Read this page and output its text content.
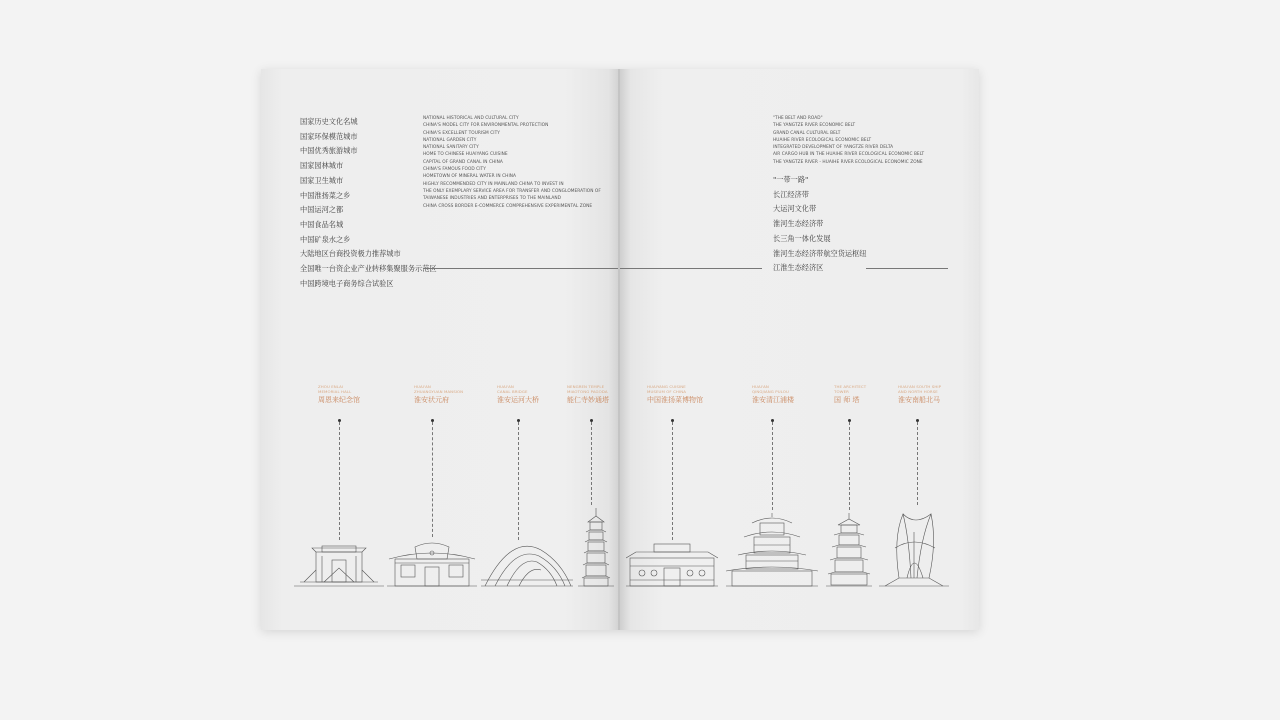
国家历史文化名城
国家环保模范城市
中国优秀旅游城市
国家园林城市
国家卫生城市
中国淮扬菜之乡
中国运河之都
中国食品名城
中国矿泉水之乡
大陆地区台商投资极力推荐城市
全国唯一台资企业产业转移集聚服务示范区
中国跨境电子商务综合试验区
NATIONAL HISTORICAL AND CULTURAL CITY
CHINA'S MODEL CITY FOR ENVIRONMENTAL PROTECTION
CHINA'S EXCELLENT TOURISM CITY
NATIONAL GARDEN CITY
NATIONAL SANITARY CITY
HOME TO CHINESE HUAIYANG CUISINE
CAPITAL OF GRAND CANAL IN CHINA
CHINA'S FAMOUS FOOD CITY
HOMETOWN OF MINERAL WATER IN CHINA
HIGHLY RECOMMENDED CITY IN MAINLAND CHINA TO INVEST IN
THE ONLY EXEMPLARY SERVICE AREA FOR TRANSFER AND CONGLOMERATION OF
TAIWANESE INDUSTRIES AND ENTERPRISES TO THE MAINLAND
CHINA CROSS BORDER E-COMMERCE COMPREHENSIVE EXPERIMENTAL ZONE
"THE BELT AND ROAD"
THE YANGTZE RIVER ECONOMIC BELT
GRAND CANAL CULTURAL BELT
HUAIHE RIVER ECOLOGICAL ECONOMIC BELT
INTEGRATED DEVELOPMENT OF YANGTZE RIVER DELTA
AIR CARGO HUB IN THE HUAIHE RIVER ECOLOGICAL ECONOMIC BELT
THE YANGTZE RIVER - HUAIHE RIVER ECOLOGICAL ECONOMIC ZONE
"一带一路"
长江经济带
大运河文化带
淮河生态经济带
长三角一体化发展
淮河生态经济带航空货运枢纽
江淮生态经济区
ZHOU ENLAI
MEMORIAL HALL
周恩来纪念馆
HUAI'AN
ZHUANGYUAN MANSION
淮安状元府
HUAI'AN
CANAL BRIDGE
淮安运河大桥
NENGREN TEMPLE
MIAOTONG PAGODA
能仁寺妙通塔
HUAIYANG CUISINE
MUSEUM OF CHINA
中国淮扬菜博物馆
HUAI'AN
QINGJIANG PULOU
淮安清江浦楼
THE ARCHITECT
TOWER
国 师 塔
HUAI'AN SOUTH SHIP
AND NORTH HORSE
淮安南船北马
